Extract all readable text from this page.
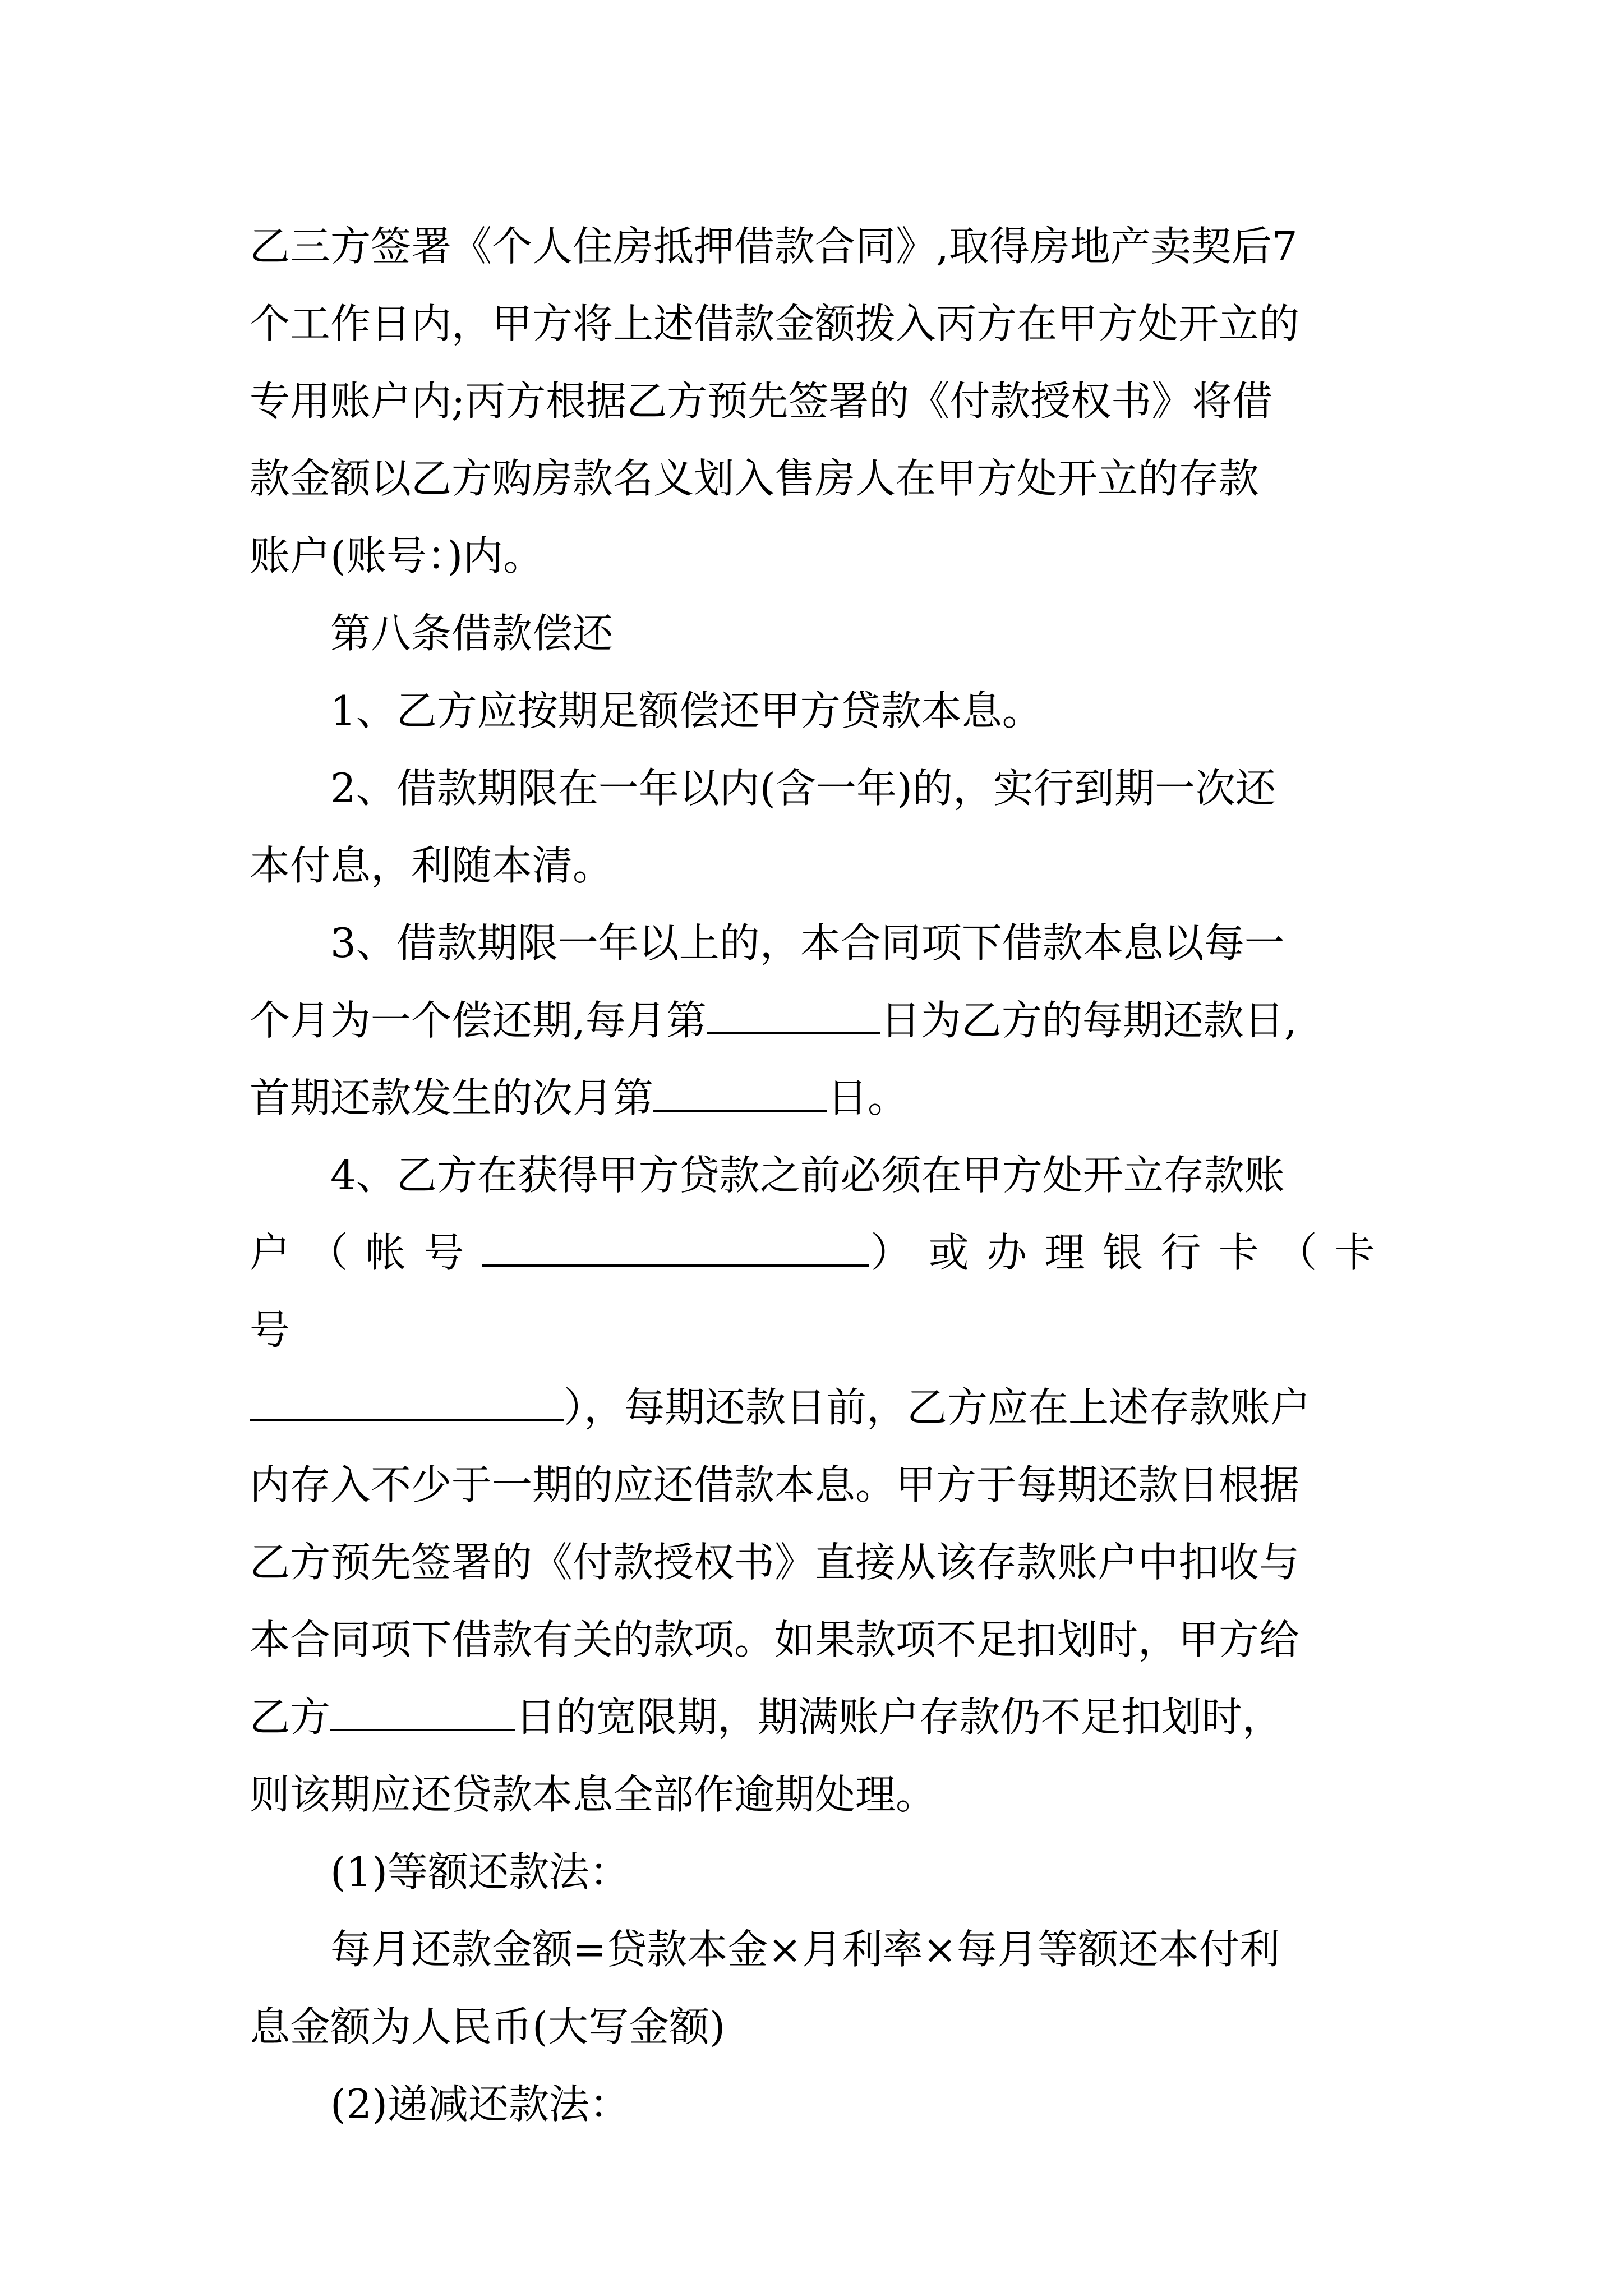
乙三方签署《个人住房抵押借款合同》,取得房地产卖契后7
个工作日内，甲方将上述借款金额拨入丙方在甲方处开立的
专用账户内;丙方根据乙方预先签署的《付款授权书》将借
款金额以乙方购房款名义划入售房人在甲方处开立的存款
账户(账号：)内。
第八条借款偿还
1、乙方应按期足额偿还甲方贷款本息。
2、借款期限在一年以内(含一年)的，实行到期一次还
本付息，利随本清。
3、借款期限一年以上的，本合同项下借款本息以每一
个月为一个偿还期,每月第	日为乙方的每期还款日,
首期还款发生的次月第	日。
4、乙方在获得甲方贷款之前必须在甲方处开立存款账
户（帐号	）或办理银行卡（卡号
），每期还款日前，乙方应在上述存款账户
内存入不少于一期的应还借款本息。甲方于每期还款日根据
乙方预先签署的《付款授权书》直接从该存款账户中扣收与
本合同项下借款有关的款项。如果款项不足扣划时，甲方给
乙方	日的宽限期，期满账户存款仍不足扣划时，
则该期应还贷款本息全部作逾期处理。
(1)等额还款法：
每月还款金额=贷款本金×月利率×每月等额还本付利
息金额为人民币(大写金额)
(2)递减还款法：
